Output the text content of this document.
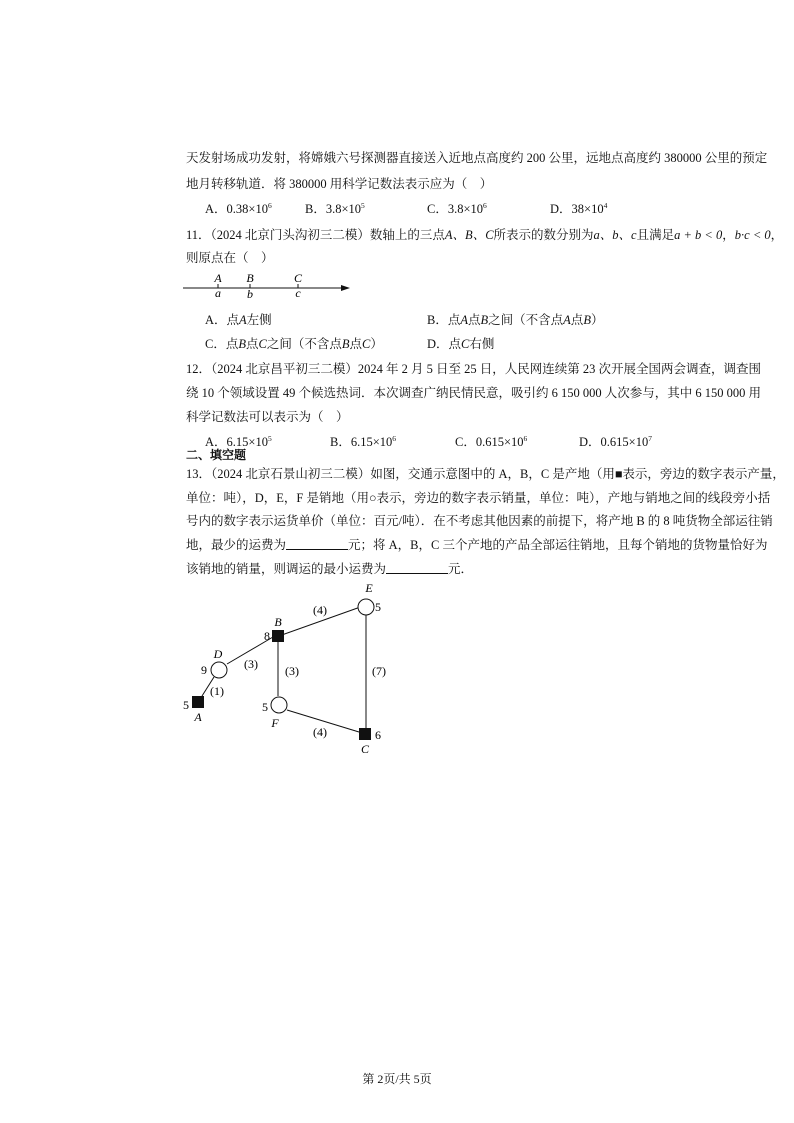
天发射场成功发射，将嫦娥六号探测器直接送入近地点高度约 200 公里，远地点高度约 380000 公里的预定
地月转移轨道．将 380000 用科学记数法表示应为（　）
A．$0.38\times 10^6$	B．$3.8\times 10^5$	C．$3.8\times 10^6$	D．$38\times 10^4$
11．（2024 北京门头沟初三二模）数轴上的三点A、B、C所表示的数分别为a、b、c且满足a + b < 0，b·c < 0，
则原点在（　）
A B	C
a b	c
A．点A左侧	B．点A点B之间（不含点A点B）
C．点B点C之间（不含点B点C）	D．点C右侧
12．（2024 北京昌平初三二模）2024 年 2 月 5 日至 25 日，人民网连续第 23 次开展全国两会调查，调查围
绕 10 个领域设置 49 个候选热词．本次调查广纳民情民意，吸引约 6 150 000 人次参与，其中 6 150 000 用
科学记数法可以表示为（　）
A．$6.15\times 10^5$	B．$6.15\times 10^6$	C．$0.615\times 10^6$	D．$0.615\times 10^7$
二、填空题
13．（2024 北京石景山初三二模）如图，交通示意图中的 A，B，C 是产地（用■表示，旁边的数字表示产量，
单位：吨），D，E，F 是销地（用○表示，旁边的数字表示销量，单位：吨），产地与销地之间的线段旁小括
号内的数字表示运货单价（单位：百元/吨）．在不考虑其他因素的前提下，将产地 B 的 8 吨货物全部运往销
地，最少的运费为	元；将 A，B，C 三个产地的产品全部运往销地，且每个销地的货物量恰好为
该销地的销量，则调运的最小运费为	元．
E
B
D
F
A
C
5
8
9
5
5
6
(4)
(3) (3)	(7)
(1)
(4)
第 2页/共 5页
